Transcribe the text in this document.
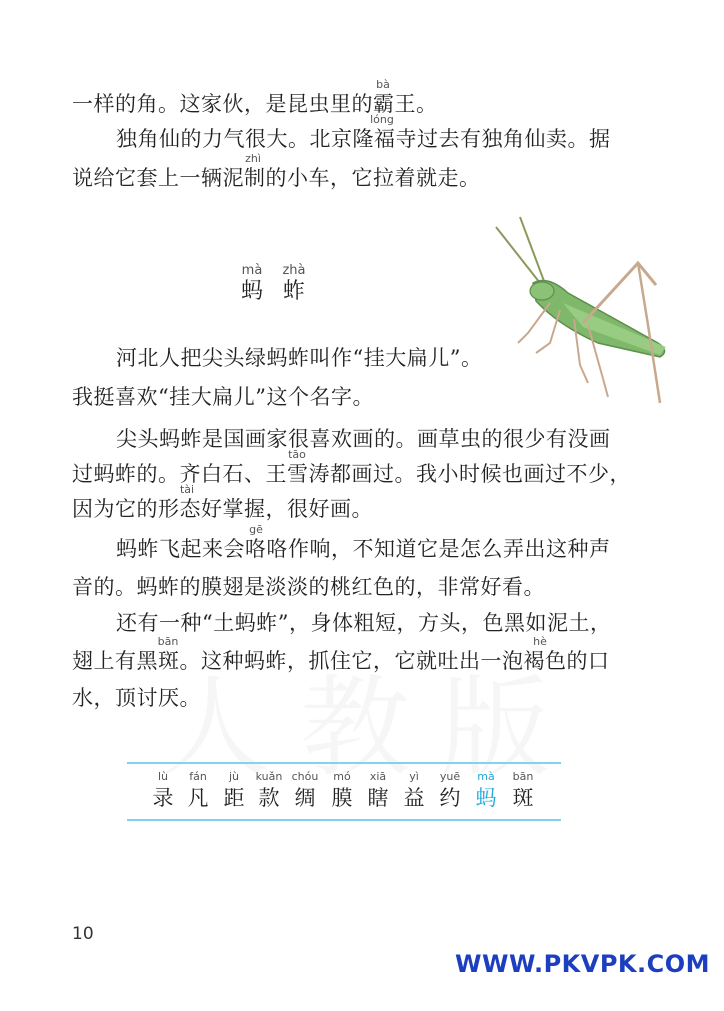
bà
一样的角。这家伙，是昆虫里的霸王。
lóng
独角仙的力气很大。北京隆福寺过去有独角仙卖。据
zhì
说给它套上一辆泥制的小车，它拉着就走。
mà zhà
蚂 蚱
河北人把尖头绿蚂蚱叫作“挂大扁儿”。
我挺喜欢“挂大扁儿”这个名字。
尖头蚂蚱是国画家很喜欢画的。画草虫的很少有没画
tāo
过蚂蚱的。齐白石、王雪涛都画过。我小时候也画过不少，
tài
因为它的形态好掌握，很好画。
gē
蚂蚱飞起来会咯咯作响，不知道它是怎么弄出这种声
音的。蚂蚱的膜翅是淡淡的桃红色的，非常好看。
还有一种“土蚂蚱”，身体粗短，方头，色黑如泥土，
bān	hè
翅上有黑斑。这种蚂蚱，抓住它，它就吐出一泡褐色的口
水，顶讨厌。
lù
录
fán
凡
jù
距
kuǎn
款
chóu
绸
mó
膜
xiā
瞎
yì
益
yuē
约
mà
蚂
bān
斑
10
WWW.PKVPK.COM
